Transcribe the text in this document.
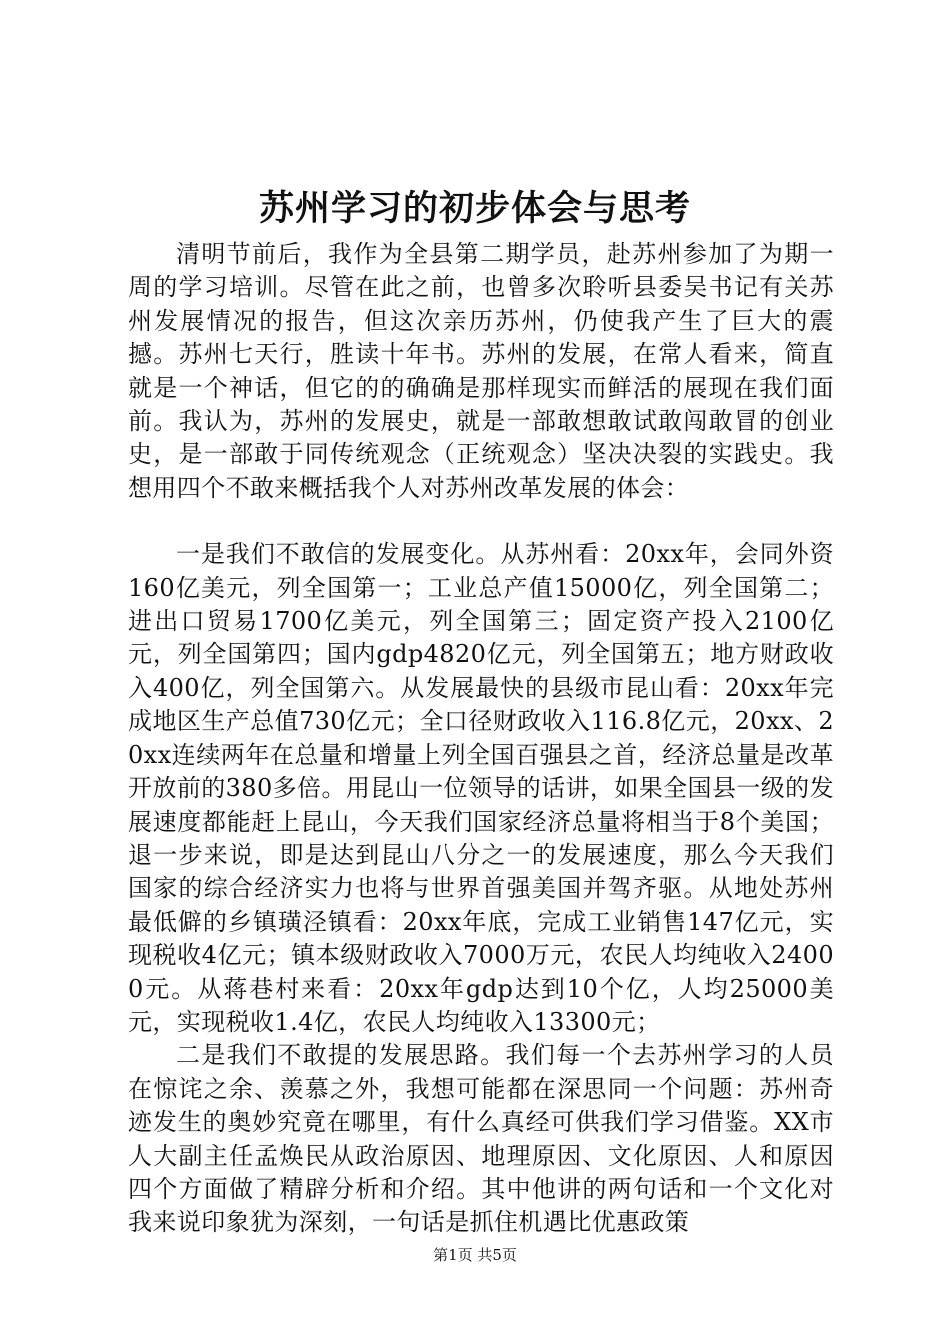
苏州学习的初步体会与思考

清明节前后，我作为全县第二期学员，赴苏州参加了为期一周的学习培训。尽管在此之前，也曾多次聆听县委吴书记有关苏州发展情况的报告，但这次亲历苏州，仍使我产生了巨大的震撼。苏州七天行，胜读十年书。苏州的发展，在常人看来，简直就是一个神话，但它的的确确是那样现实而鲜活的展现在我们面前。我认为，苏州的发展史，就是一部敢想敢试敢闯敢冒的创业史，是一部敢于同传统观念（正统观念）坚决决裂的实践史。我想用四个不敢来概括我个人对苏州改革发展的体会：

一是我们不敢信的发展变化。从苏州看：20xx年，会同外资160亿美元，列全国第一；工业总产值15000亿，列全国第二；进出口贸易1700亿美元，列全国第三；固定资产投入2100亿元，列全国第四；国内gdp4820亿元，列全国第五；地方财政收入400亿，列全国第六。从发展最快的县级市昆山看：20xx年完成地区生产总值730亿元；全口径财政收入116.8亿元，20xx、20xx连续两年在总量和增量上列全国百强县之首，经济总量是改革开放前的380多倍。用昆山一位领导的话讲，如果全国县一级的发展速度都能赶上昆山，今天我们国家经济总量将相当于8个美国；退一步来说，即是达到昆山八分之一的发展速度，那么今天我们国家的综合经济实力也将与世界首强美国并驾齐驱。从地处苏州最低僻的乡镇璜泾镇看：20xx年底，完成工业销售147亿元，实现税收4亿元；镇本级财政收入7000万元，农民人均纯收入24000元。从蒋巷村来看：20xx年gdp达到10个亿，人均25000美元，实现税收1.4亿，农民人均纯收入13300元；

二是我们不敢提的发展思路。我们每一个去苏州学习的人员在惊诧之余、羡慕之外，我想可能都在深思同一个问题：苏州奇迹发生的奥妙究竟在哪里，有什么真经可供我们学习借鉴。XX市人大副主任孟焕民从政治原因、地理原因、文化原因、人和原因四个方面做了精辟分析和介绍。其中他讲的两句话和一个文化对我来说印象犹为深刻，一句话是抓住机遇比优惠政策

第1页 共5页
